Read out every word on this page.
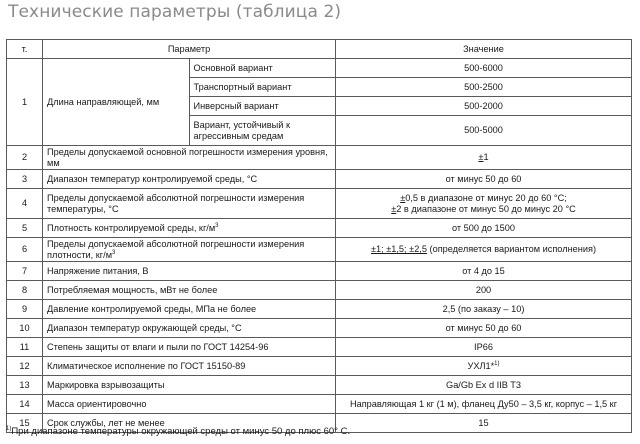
Технические параметры (таблица 2)
т.	Параметр		Значение
1	Длина направляющей, мм	Основной вариант	500-6000
		Транспортный вариант	500-2500
		Инверсный вариант	500-2000
		Вариант, устойчивый к агрессивным средам	500-5000
2	Пределы допускаемой основной погрешности измерения уровня, мм		±1
3	Диапазон температур контролируемой среды, °С		от минус 50 до 60
4	Пределы допускаемой абсолютной погрешности измерения температуры, °С		±0,5 в диапазоне от минус 20 до 60 °С;
±2 в диапазоне от минус 50 до минус 20 °С

5	Плотность контролируемой среды, $кг/м^3$		от 500 до 1500
6	Пределы допускаемой абсолютной погрешности измерения плотности, $кг/м^3$		±1; ±1,5; ±2,5 (определяется вариантом исполнения)
7	Напряжение питания, В		от 4 до 15
8	Потребляемая мощность, мВт не более		200
9	Давление контролируемой среды, МПа не более		2,5 (по заказу – 10)
10	Диапазон температур окружающей среды, °С		от минус 50 до 60
11	Степень защиты от влаги и пыли по ГОСТ 14254-96		IP66
12	Климатическое исполнение по ГОСТ 15150-89		УХЛ1*$^{1)}$
13	Маркировка взрывозащиты		Ga/Gb Ex d IIB T3
14	Масса ориентировочно		Направляющая 1 кг (1 м), фланец Ду50 – 3,5 кг, корпус – 1,5 кг
15	Срок службы, лет не менее		15
$^{1)}$При диапазоне температуры окружающей среды от минус 50 до плюс 60° С.
